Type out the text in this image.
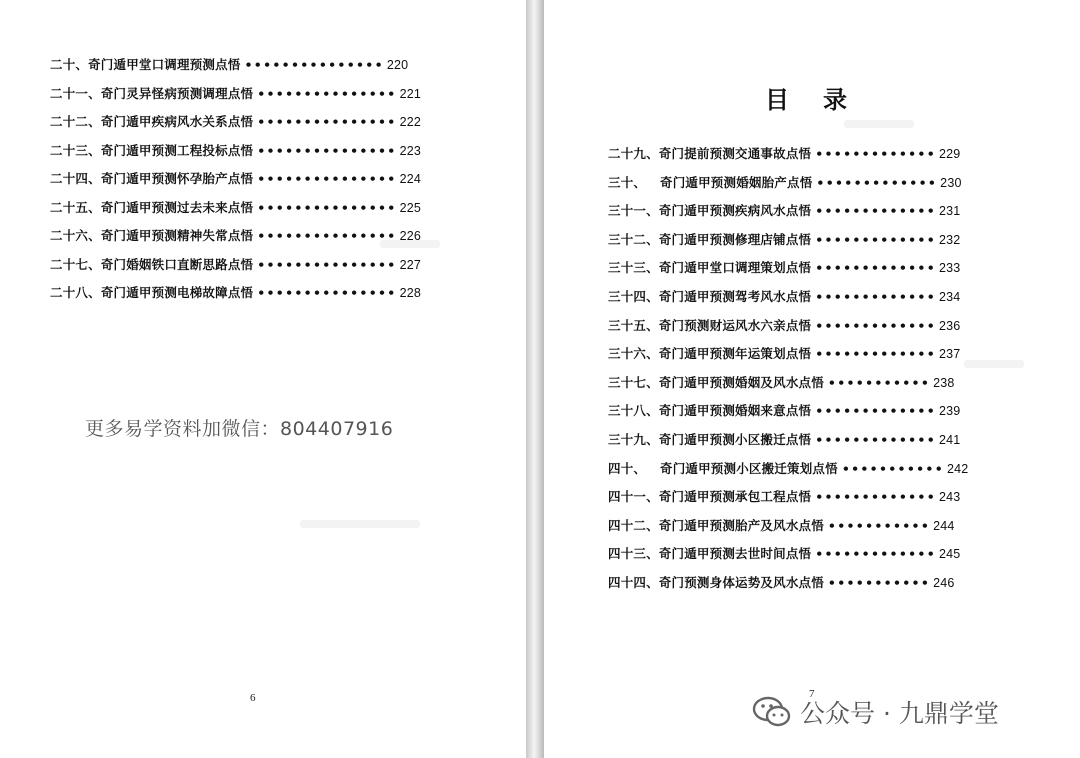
二十、 奇门遁甲堂口调理预测点悟 ••••••••••••••• 220
二十一、 奇门灵异怪病预测调理点悟 ••••••••••••••• 221
二十二、 奇门遁甲疾病风水关系点悟 ••••••••••••••• 222
二十三、 奇门遁甲预测工程投标点悟 ••••••••••••••• 223
二十四、 奇门遁甲预测怀孕胎产点悟 ••••••••••••••• 224
二十五、 奇门遁甲预测过去未来点悟 ••••••••••••••• 225
二十六、 奇门遁甲预测精神失常点悟 ••••••••••••••• 226
二十七、 奇门婚姻铁口直断思路点悟 ••••••••••••••• 227
二十八、 奇门遁甲预测电梯故障点悟 ••••••••••••••• 228
更多易学资料加微信：804407916
6
目录
二十九、 奇门提前预测交通事故点悟 ••••••••••••• 229
三十、	奇门遁甲预测婚姻胎产点悟 ••••••••••••• 230
三十一、 奇门遁甲预测疾病风水点悟 ••••••••••••• 231
三十二、 奇门遁甲预测修理店铺点悟 ••••••••••••• 232
三十三、 奇门遁甲堂口调理策划点悟 ••••••••••••• 233
三十四、 奇门遁甲预测驾考风水点悟 ••••••••••••• 234
三十五、 奇门预测财运风水六亲点悟 ••••••••••••• 236
三十六、 奇门遁甲预测年运策划点悟 ••••••••••••• 237
三十七、 奇门遁甲预测婚姻及风水点悟 ••••••••••• 238
三十八、 奇门遁甲预测婚姻来意点悟 ••••••••••••• 239
三十九、 奇门遁甲预测小区搬迁点悟 ••••••••••••• 241
四十、	奇门遁甲预测小区搬迁策划点悟 ••••••••••• 242
四十一、 奇门遁甲预测承包工程点悟 ••••••••••••• 243
四十二、 奇门遁甲预测胎产及风水点悟 ••••••••••• 244
四十三、 奇门遁甲预测去世时间点悟 ••••••••••••• 245
四十四、 奇门预测身体运势及风水点悟 ••••••••••• 246
7
公众号 · 九鼎学堂
